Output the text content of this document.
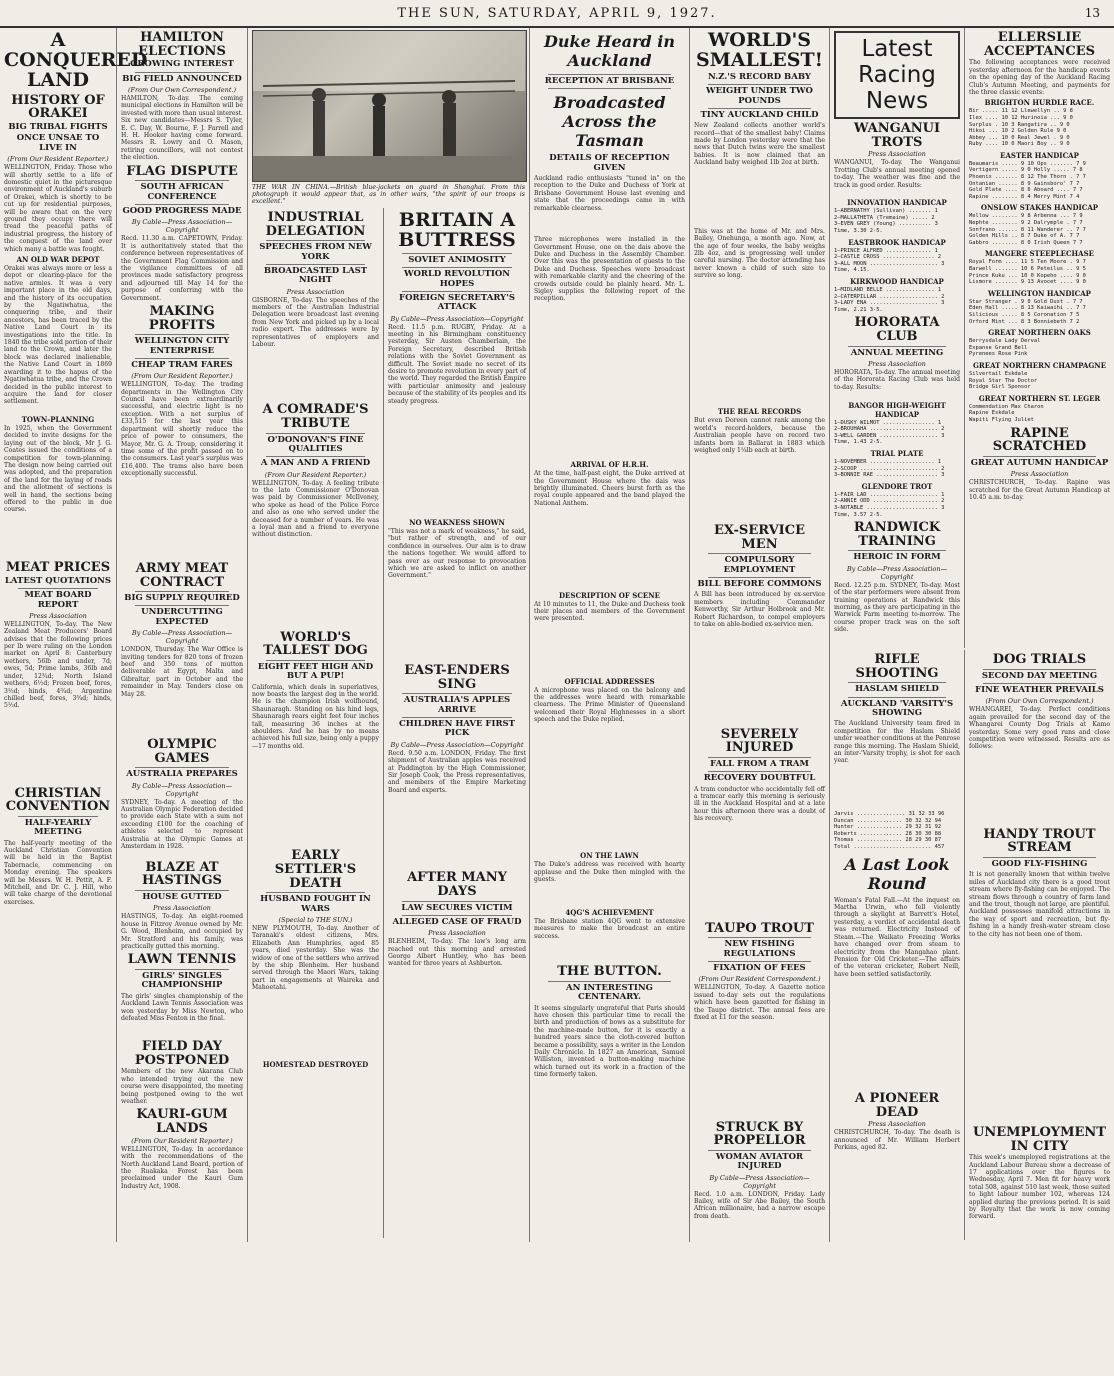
THE SUN, SATURDAY, APRIL 9, 1927.	13
A CONQUERED LAND
HISTORY OF ORAKEI
BIG TRIBAL FIGHTS
ONCE UNSAE TO LIVE IN
(From Our Resident Reporter.)
WELLINGTON, Friday. Those who will shortly settle to a life of domestic quiet in the picturesque environment of Auckland's suburb of Orakei, which is shortly to be cut up for residential purposes, will be aware that on the very ground they occupy there will tread the peaceful paths of industrial progress, the history of the conquest of the land over which many a battle was fought.
AN OLD WAR DEPOT
Orakei was always more or less a depot or clearing-place for the native armies. It was a very important place in the old days, and the history of its occupation by the Ngatiwhatua, the conquering tribe, and their ancestors, has been traced by the Native Land Court in its investigations into the title. In 1840 the tribe sold portion of their land to the Crown, and later the block was declared inalienable, the Native Land Court in 1869 awarding it to the hapus of the Ngatiwhatua tribe, and the Crown decided in the public interest to acquire the land for closer settlement.
TOWN-PLANNING
In 1925, when the Government decided to invite designs for the laying out of the block, Mr J. G. Coates issued the conditions of a competition for town-planning. The design now being carried out was adopted, and the preparation of the land for the laying of roads and the allotment of sections is well in hand, the sections being offered to the public in due course.
MEAT PRICES
LATEST QUOTATIONS
MEAT BOARD REPORT
Press Association
WELLINGTON, To-day. The New Zealand Meat Producers' Board advises that the following prices per lb were ruling on the London market on April 8: Canterbury wethers, 56lb and under, 7d; ewes, 5d; Prime lambs, 36lb and under, 12¾d; North Island wethers, 6½d; Frozen beef, fores, 3½d; hinds, 4¾d; Argentine chilled beef, fores, 3¾d; hinds, 5½d.
CHRISTIAN CONVENTION
HALF-YEARLY MEETING
The half-yearly meeting of the Auckland Christian Convention will be held in the Baptist Tabernacle, commencing on Monday evening. The speakers will be Messrs. W. H. Pettit, A. F. Mitchell, and Dr. C. J. Hill, who will take charge of the devotional exercises.
HAMILTON ELECTIONS
GROWING INTEREST
BIG FIELD ANNOUNCED
(From Our Own Correspondent.)
HAMILTON, To-day. The coming municipal elections in Hamilton will be invested with more than usual interest. Six new candidates—Messrs S. Tyler, E. C. Day, W. Bourne, F. J. Farrell and H. H. Hooker having come forward. Messrs R. Lowry and O. Mason, retiring councillors, will not contest the election.
FLAG DISPUTE
SOUTH AFRICAN CONFERENCE
GOOD PROGRESS MADE
By Cable—Press Association—Copyright
Recd. 11.30 a.m. CAPETOWN, Friday. It is authoritatively stated that the conference between representatives of the Government Flag Commission and the vigilance committees of all provinces made satisfactory progress and adjourned till May 14 for the purpose of conferring with the Government.
MAKING PROFITS
WELLINGTON CITY ENTERPRISE
CHEAP TRAM FARES
(From Our Resident Reporter.)
WELLINGTON, To-day. The trading departments in the Wellington City Council have been extraordinarily successful, and electric light is no exception. With a net surplus of £33,515 for the last year this department will shortly reduce the price of power to consumers, the Mayor, Mr. G. A. Troup, considering it time some of the profit passed on to the consumers. Last year's surplus was £16,400. The trams also have been exceptionally successful.
ARMY MEAT CONTRACT
BIG SUPPLY REQUIRED
UNDERCUTTING EXPECTED
By Cable—Press Association—Copyright
LONDON, Thursday. The War Office is inviting tenders for 820 tons of frozen beef and 350 tons of mutton deliverable at Egypt, Malta and Gibraltar, part in October and the remainder in May. Tenders close on May 28.
OLYMPIC GAMES
AUSTRALIA PREPARES
By Cable—Press Association—Copyright
SYDNEY, To-day. A meeting of the Australian Olympic Federation decided to provide each State with a sum not exceeding £100 for the coaching of athletes selected to represent Australia at the Olympic Games at Amsterdam in 1928.
BLAZE AT HASTINGS
HOUSE GUTTED
Press Association
HASTINGS, To-day. An eight-roomed house in Fitzroy Avenue owned by Mr. G. Wood, Blenheim, and occupied by Mr. Stratford and his family, was practically gutted this morning.
LAWN TENNIS
GIRLS' SINGLES CHAMPIONSHIP
The girls' singles championship of the Auckland Lawn Tennis Association was won yesterday by Miss Newton, who defeated Miss Fenton in the final.
FIELD DAY POSTPONED
Members of the new Akarana Club who intended trying out the new course were disappointed, the meeting being postponed owing to the wet weather.
KAURI-GUM LANDS
(From Our Resident Reporter.)
WELLINGTON, To-day. In accordance with the recommendations of the North Auckland Land Board, portion of the Ruakaka Forest has been proclaimed under the Kauri Gum Industry Act, 1908.
THE WAR IN CHINA.—British blue-jackets on guard in Shanghai. From this photograph it would appear that, as in other wars, "the spirit of our troops is excellent."
INDUSTRIAL DELEGATION
SPEECHES FROM NEW YORK
BROADCASTED LAST NIGHT
Press Association
GISBORNE, To-day. The speeches of the members of the Australian Industrial Delegation were broadcast last evening from New York and picked up by a local radio expert. The addresses were by representatives of employers and Labour.
A COMRADE'S TRIBUTE
O'DONOVAN'S FINE QUALITIES
A MAN AND A FRIEND
(From Our Resident Reporter.)
WELLINGTON, To-day. A feeling tribute to the late Commissioner O'Donovan was paid by Commissioner McIlveney, who spoke as head of the Police Force and also as one who served under the deceased for a number of years. He was a loyal man and a friend to everyone without distinction.
WORLD'S TALLEST DOG
EIGHT FEET HIGH AND BUT A PUP!
California, which deals in superlatives, now boasts the largest dog in the world. He is the champion Irish wolfhound, Shaunaragh. Standing on his hind legs, Shaunaragh rears eight feet four inches tall, measuring 36 inches at the shoulders. And he has by no means achieved his full size, being only a puppy—17 months old.
EARLY SETTLER'S DEATH
HUSBAND FOUGHT IN WARS
(Special to THE SUN.)
NEW PLYMOUTH, To-day. Another of Taranaki's oldest citizens, Mrs. Elizabeth Ann Humphries, aged 85 years, died yesterday. She was the widow of one of the settlers who arrived by the ship Blenheim. Her husband served through the Maori Wars, taking part in engagements at Waireka and Mahoetahi.
HOMESTEAD DESTROYED
BRITAIN A BUTTRESS
SOVIET ANIMOSITY
WORLD REVOLUTION HOPES
FOREIGN SECRETARY'S ATTACK
By Cable—Press Association—Copyright
Recd. 11.5 p.m. RUGBY, Friday. At a meeting in his Birmingham constituency yesterday, Sir Austen Chamberlain, the Foreign Secretary, described British relations with the Soviet Government as difficult. The Soviet made no secret of its desire to promote revolution in every part of the world. They regarded the British Empire with particular animosity and jealousy because of the stability of its peoples and its steady progress.
NO WEAKNESS SHOWN
"This was not a mark of weakness," he said, "but rather of strength, and of our confidence in ourselves. Our aim is to draw the nations together. We would afford to pass over as our response to provocation which we are asked to inflict on another Government."
EAST-ENDERS SING
AUSTRALIA'S APPLES ARRIVE
CHILDREN HAVE FIRST PICK
By Cable—Press Association—Copyright
Recd. 9.50 a.m. LONDON, Friday. The first shipment of Australian apples was received at Paddington by the High Commissioner, Sir Joseph Cook, the Press representatives, and members of the Empire Marketing Board and experts.
AFTER MANY DAYS
LAW SECURES VICTIM
ALLEGED CASE OF FRAUD
Press Association
BLENHEIM, To-day. The law's long arm reached out this morning and arrested George Albert Huntley, who has been wanted for three years at Ashburton.
Duke Heard in Auckland
RECEPTION AT BRISBANE
Broadcasted Across the Tasman
DETAILS OF RECEPTION GIVEN
Auckland radio enthusiasts "tuned in" on the reception to the Duke and Duchess of York at Brisbane Government House last evening and state that the proceedings came in with remarkable clearness.
Three microphones were installed in the Government House, one on the dais above the Duke and Duchess in the Assembly Chamber. Over this was the presentation of guests to the Duke and Duchess. Speeches were broadcast with remarkable clarity and the cheering of the crowds outside could be plainly heard. Mr. L. Sigley supplies the following report of the reception.
ARRIVAL OF H.R.H.
At the time, half-past eight, the Duke arrived at the Government House where the dais was brightly illuminated. Cheers burst forth as the royal couple appeared and the band played the National Anthem.
DESCRIPTION OF SCENE
At 10 minutes to 11, the Duke and Duchess took their places and members of the Government were presented.
OFFICIAL ADDRESSES
A microphone was placed on the balcony and the addresses were heard with remarkable clearness. The Prime Minister of Queensland welcomed their Royal Highnesses in a short speech and the Duke replied.
ON THE LAWN
The Duke's address was received with hearty applause and the Duke then mingled with the guests.
4QG'S ACHIEVEMENT
The Brisbane station 4QG went to extensive measures to make the broadcast an entire success.
THE BUTTON.
AN INTERESTING CENTENARY.
It seems singularly ungrateful that Paris should have chosen this particular time to recall the birth and production of bows as a substitute for the machine-made button, for it is exactly a hundred years since the cloth-covered button became a possibility, says a writer in the London Daily Chronicle. In 1827 an American, Samuel Williston, invented a button-making machine which turned out its work in a fraction of the time formerly taken.
WORLD'S SMALLEST!
N.Z.'S RECORD BABY
WEIGHT UNDER TWO POUNDS
TINY AUCKLAND CHILD
New Zealand collects another world's record—that of the smallest baby! Claims made by London yesterday were that the news that Dutch twins were the smallest babies. It is now claimed that an Auckland baby weighed 1lb 2oz at birth.
This was at the home of Mr. and Mrs. Bailey, Onehunga, a month ago. Now, at the age of four weeks, the baby weighs 2lb 4oz, and is progressing well under careful nursing. The doctor attending has never known a child of such size to survive so long.
THE REAL RECORDS
But even Doreen cannot rank among the world's record-holders, because the Australian people have on record two infants born in Ballarat in 1883 which weighed only 1¼lb each at birth.
EX-SERVICE MEN
COMPULSORY EMPLOYMENT
BILL BEFORE COMMONS
A Bill has been introduced by ex-service members including Commander Kenworthy, Sir Arthur Holbrook and Mr. Robert Richardson, to compel employers to take on able-bodied ex-service men.
SEVERELY INJURED
FALL FROM A TRAM
RECOVERY DOUBTFUL
A tram conductor who accidentally fell off a tramcar early this morning is seriously ill in the Auckland Hospital and at a late hour this afternoon there was a doubt of his recovery.
TAUPO TROUT
NEW FISHING REGULATIONS
FIXATION OF FEES
(From Our Resident Correspondent.)
WELLINGTON, To-day. A Gazette notice issued to-day sets out the regulations which have been gazetted for fishing in the Taupo district. The annual fees are fixed at £1 for the season.
STRUCK BY PROPELLOR
WOMAN AVIATOR INJURED
By Cable—Press Association—Copyright
Recd. 1.0 a.m. LONDON, Friday. Lady Bailey, wife of Sir Abe Bailey, the South African millionaire, had a narrow escape from death.
Latest Racing News
WANGANUI TROTS
Press Association
WANGANUI, To-day. The Wanganui Trotting Club's annual meeting opened to-day. The weather was fine and the track in good order. Results:
INNOVATION HANDICAP
1—ABERNATHY (Sullivan) ....... 1
2—MALLATHETA (Tremaine) ..... 2
3—EVEN GREY (Young) .......... 3
Time, 3.30 2-5.
EASTBROOK HANDICAP
1—PRINCE ALFRED .............. 1
2—CASTLE CROSS ................ 2
3—ALL MOON ..................... 3
Time, 4.15.
KIRKWOOD HANDICAP
1—MIDLAND BELLE ............... 1
2—CATERPILLAR .................. 2
3—LADY ENA ..................... 3
Time, 2.21 3-5.
HORORATA CLUB
ANNUAL MEETING
Press Association
HORORATA, To-day. The annual meeting of the Hororata Racing Club was held to-day. Results:
BANGOR HIGH-WEIGHT HANDICAP
1—DUSKY WILMOT ................ 1
2—BROUHAHA ..................... 2
3—WELL GARDEN .................. 3
Time, 1.43 2-5.
TRIAL PLATE
1—NOVEMBER .................... 1
2—SCOOP ........................ 2
3—BONNIE RAE ................... 3
GLENDORE TROT
1—FAIR LAD ..................... 1
2—ANNIE ODD .................... 2
3—NOTABLE ...................... 3
Time, 3.57 2-5.
RANDWICK TRAINING
HEROIC IN FORM
By Cable—Press Association—Copyright
Recd. 12.25 p.m. SYDNEY, To-day. Most of the star performers were absent from training operations at Randwick this morning, as they are participating in the Warwick Farm meeting to-morrow. The course proper track was on the soft side.
ELLERSLIE ACCEPTANCES
The following acceptances were received yesterday afternoon for the handicap events on the opening day of the Auckland Racing Club's Autumn Meeting, and payments for the three classic events:
BRIGHTON HURDLE RACE.
Bir ..... 11 12 Llewellyn .. 9 8
Ilex .... 10 12 Hurinoia ... 9 0
Surplus . 10 3 Rangatira .. 9 0
Hikoi ... 10 2 Golden Rule 9 0
Abbey ... 10 0 Real Jewel . 9 0
Ruby .... 10 0 Maori Boy .. 9 0
EASTER HANDICAP
Beaumaris ..... 9 10 Ops ....... 7 9
Vertigern ..... 9 0 Holly ..... 7 8
Phoenix ....... 8 12 The Thorn . 7 7
Ontanian ...... 8 9 Gainsboro' 7 7
Gold Plate .... 8 6 Aboard .... 7 7
Rapine ........ 8 4 Merry Mint 7 4
ONSLOW STAKES HANDICAP
Mellow ........ 9 8 Arbenna ... 7 9
Nephte ........ 9 2 Dalrymple . 7 7
Sonfrano ...... 8 11 Wanderer .. 7 7
Golden Hills .. 8 7 Duke of A. 7 7
Gabbro ........ 8 0 Irish Queen 7 7
MANGERE STEEPLECHASE
Royal Form .... 11 5 Ten Moore . 9 7
Barwell ....... 10 6 Peteilus .. 9 5
Prince Kuku ... 10 0 Kopeho .... 9 0
Lismore ....... 9 13 Avocet .... 9 0
WELLINGTON HANDICAP
Star Stranger . 9 0 Gold Dust . 7 7
Eden Hall ..... 8 13 Kaiwaihi .. 7 7
Silicious ..... 8 5 Coronation 7 5
Orford Mint ... 8 3 Bonniebeth 7 2
GREAT NORTHERN OAKS
Berrysdale Lady Derval
Expanse Grand Bell
Pyrenees Rose Pink
GREAT NORTHERN CHAMPAGNE
Silvertail Eskdale
Royal Star The Doctor
Bridge Girl Sponsor
GREAT NORTHERN ST. LEGER
Commendation Max Charon
Rapine Eskdale
Wapiti Flying Juliet
RAPINE SCRATCHED
GREAT AUTUMN HANDICAP
Press Association
CHRISTCHURCH, To-day. Rapine was scratched for the Great Autumn Handicap at 10.45 a.m. to-day.
RIFLE SHOOTING
HASLAM SHIELD
AUCKLAND 'VARSITY'S SHOWING
The Auckland University team fired in competition for the Haslam Shield under weather conditions at the Penrose range this morning. The Haslam Shield, an inter-'Varsity trophy, is shot for each year.
Jarvis ............... 31 32 33 96
Duncan .............. 30 32 32 94
Hunter .............. 29 32 31 92
Roberts ............. 28 30 30 88
Thomas .............. 28 29 30 87
Total ........................ 457
A Last Look Round
Woman's Fatal Fall.—At the inquest on Martha Urwin, who fell violently through a skylight at Barrett's Hotel, yesterday, a verdict of accidental death was returned. Electricity Instead of Steam.—The Waikato Freezing Works have changed over from steam to electricity from the Mangahao plant. Pension for Old Cricketer.—The affairs of the veteran cricketer, Robert Neill, have been settled satisfactorily.
A PIONEER DEAD
Press Association
CHRISTCHURCH, To-day. The death is announced of Mr. William Herbert Perkins, aged 82.
DOG TRIALS
SECOND DAY MEETING
FINE WEATHER PREVAILS
(From Our Own Correspondent.)
WHANGAREI, To-day. Perfect conditions again prevailed for the second day of the Whangarei County Dog Trials at Kamo yesterday. Some very good runs and close competition were witnessed. Results are as follows:
HANDY TROUT STREAM
GOOD FLY-FISHING
It is not generally known that within twelve miles of Auckland city there is a good trout stream where fly-fishing can be enjoyed. The stream flows through a country of farm land and the trout, though not large, are plentiful. Auckland possesses manifold attractions in the way of sport and recreation, but fly-fishing in a handy fresh-water stream close to the city has not been one of them.
UNEMPLOYMENT IN CITY
This week's unemployed registrations at the Auckland Labour Bureau show a decrease of 17 applications over the figures to Wednesday, April 7. Men fit for heavy work total 508, against 510 last week, those suited to light labour number 102, whereas 124 applied during the previous period. It is said by Royalty that the work is now coming forward.
